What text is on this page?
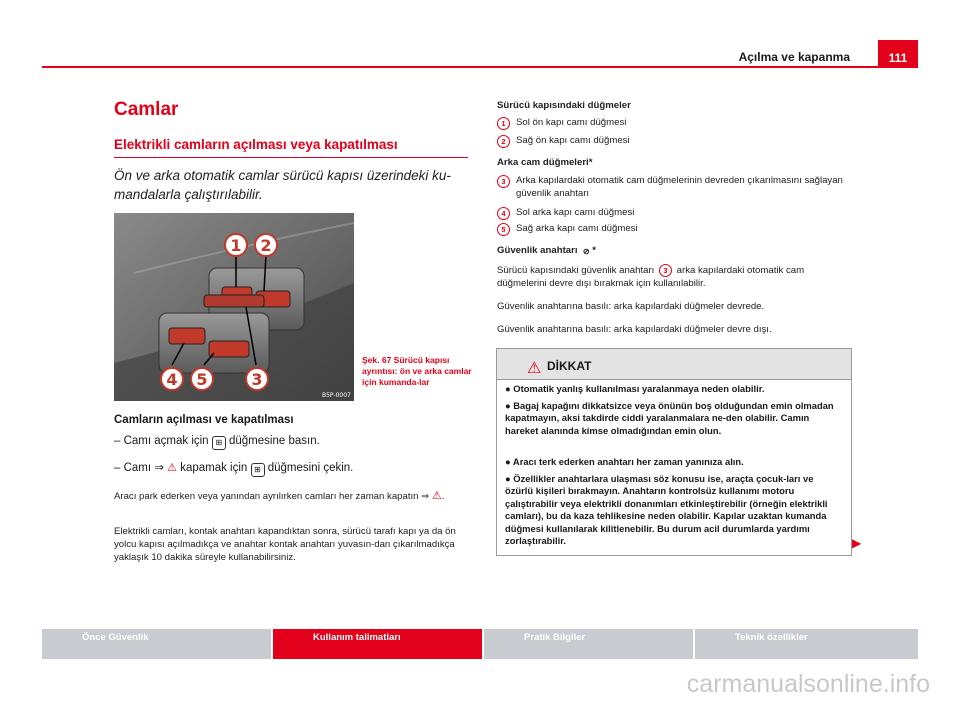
Açılma ve kapanma	111
Camlar
Elektrikli camların açılması veya kapatılması
Ön ve arka otomatik camlar sürücü kapısı üzerindeki ku-mandalarla çalıştırılabilir.
1 2
4 5	3
B5P-0007
Şek. 67 Sürücü kapısı ayrıntısı: ön ve arka camlar için kumanda-lar
Camların açılması ve kapatılması
– Camı açmak için ⊞ düğmesine basın.
– Camı ⇒ ⚠ kapamak için ⊞ düğmesini çekin.
Aracı park ederken veya yanından ayrılırken camları her zaman kapatın ⇒ ⚠.
Elektrikli camları, kontak anahtarı kapandıktan sonra, sürücü tarafı kapı ya da ön yolcu kapısı açılmadıkça ve anahtar kontak anahtarı yuvasın-dan çıkarılmadıkça yaklaşık 10 dakika süreyle kullanabilirsiniz.
Sürücü kapısındaki düğmeler
1	Sol ön kapı camı düğmesi
2	Sağ ön kapı camı düğmesi
Arka cam düğmeleri*
3	Arka kapılardaki otomatik cam düğmelerinin devreden çıkarılmasını sağlayan güvenlik anahtarı
4	Sol arka kapı camı düğmesi
5	Sağ arka kapı camı düğmesi
Güvenlik anahtarı ⊘ *
Sürücü kapısındaki güvenlik anahtarı 3 arka kapılardaki otomatik cam düğmelerini devre dışı bırakmak için kullanılabilir.
Güvenlik anahtarına basılı: arka kapılardaki düğmeler devrede.
Güvenlik anahtarına basılı: arka kapılardaki düğmeler devre dışı.
⚠ DİKKAT
● Otomatik yanlış kullanılması yaralanmaya neden olabilir.
● Bagaj kapağını dikkatsizce veya önünün boş olduğundan emin olmadan kapatmayın, aksi takdirde ciddi yaralanmalara ne-den olabilir. Camın hareket alanında kimse olmadığından emin olun.
● Aracı terk ederken anahtarı her zaman yanınıza alın.
● Özellikler anahtarlara ulaşması söz konusu ise, araçta çocuk-ları ve özürlü kişileri bırakmayın. Anahtarın kontrolsüz kullanımı motoru çalıştırabilir veya elektrikli donanımları etkinleştirebilir (örneğin elektrikli camları), bu da kaza tehlikesine neden olabilir. Kapılar uzaktan kumanda düğmesi kullanılarak kilitlenebilir. Bu durum acil durumlarda yardımı zorlaştırabilir.	▶
Önce Güvenlik	Kullanım talimatları	Pratik Bilgiler	Teknik özellikler
carmanualsonline.info
